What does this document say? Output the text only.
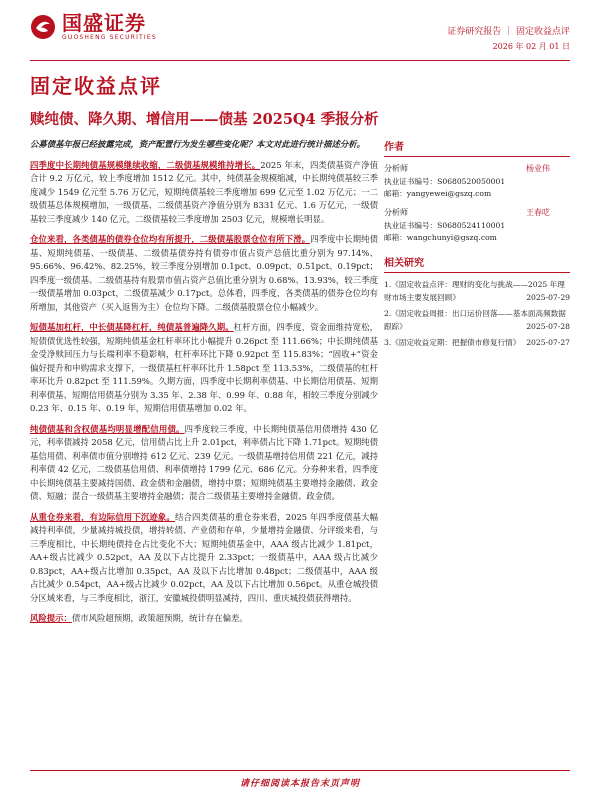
国盛证券
GUOSHENG SECURITIES
证券研究报告 ｜ 固定收益点评
2026 年 02 月 01 日
固定收益点评
赎纯债、降久期、增信用——债基 2025Q4 季报分析

公募债基年报已经披露完成，资产配置行为发生哪些变化呢？本文对此进行统计描述分析。

四季度中长期纯债基规模继续收缩，二级债基规模维持增长。2025 年末，四类债基资产净值合计 9.2 万亿元，较上季度增加 1512 亿元。其中，纯债基金规模缩减，中长期纯债基较三季度减少 1549 亿元至 5.76 万亿元，短期纯债基较三季度增加 699 亿元至 1.02 万亿元；一二级债基总体规模增加，一级债基、二级债基资产净值分别为 8331 亿元、1.6 万亿元，一级债基较三季度减少 140 亿元，二级债基较三季度增加 2503 亿元，规模增长明显。

仓位来看，各类债基的债券仓位均有所提升，二级债基股票仓位有所下滑。四季度中长期纯债基、短期纯债基、一级债基、二级债基债券持有债券市值占资产总值比重分别为 97.14%、95.66%、96.42%、82.25%，较三季度分别增加 0.1pct、0.09pct、0.51pct、0.19pct；四季度一级债基、二级债基持有股票市值占资产总值比重分别为 0.68%、13.93%，较三季度一级债基增加 0.03pct，二级债基减少 0.17pct。总体看，四季度，各类债基的债券仓位均有所增加，其他资产（买入返售为主）仓位均下降。二级债基股票仓位小幅减少。

短债基加杠杆，中长债基降杠杆，纯债基普遍降久期。杠杆方面，四季度，资金面维持宽松，短债债优选性较强，短期纯债基金杠杆率环比小幅提升 0.26pct 至 111.66%；中长期纯债基金受净赎回压力与长端利率不稳影响，杠杆率环比下降 0.92pct 至 115.83%；“固收+”资金偏好提升和申购需求支撑下，一级债基杠杆率环比升 1.58pct 至 113.53%，二级债基的杠杆率环比升 0.82pct 至 111.59%。久期方面，四季度中长期利率债基、中长期信用债基、短期利率债基、短期信用债基分别为 3.35 年、2.38 年、0.99 年、0.88 年，相较三季度分别减少 0.23 年、0.15 年、0.19 年，短期信用债基增加 0.02 年。

纯债债基和含权债基均明显增配信用债。四季度较三季度，中长期纯债基信用债增持 430 亿元，利率债减持 2058 亿元，信用债占比上升 2.01pct，利率债占比下降 1.71pct。短期纯债基信用债、利率债市值分别增持 612 亿元、239 亿元。一级债基增持信用债 221 亿元，减持利率债 42 亿元，二级债基信用债、利率债增持 1799 亿元、686 亿元。分券种来看，四季度中长期纯债基主要减持国债、政金债和金融债，增持中票；短期纯债基主要增持金融债、政金债、短融；混合一级债基主要增持金融债；混合二级债基主要增持金融债、政金债。

从重仓券来看，有边际信用下沉迹象。结合四类债基的重仓券来看，2025 年四季度债基大幅减持利率债，少量减持城投债，增持转债、产业债和存单，少量增持金融债、分评级来看，与三季度相比，中长期纯债持仓占比变化不大；短期纯债基金中，AAA 级占比减少 1.81pct，AA+级占比减少 0.52pct，AA 及以下占比提升 2.33pct；一级债基中，AAA 级占比减少 0.83pct，AA+级占比增加 0.35pct，AA 及以下占比增加 0.48pct；二级债基中，AAA 级占比减少 0.54pct，AA+级占比减少 0.02pct，AA 及以下占比增加 0.56pct。从重仓城投债分区域来看，与三季度相比，浙江，安徽城投债明显减持，四川、重庆城投债获得增持。

风险提示：债市风险超预期，政策超预期，统计存在偏差。

作者
分析师	杨业伟
执业证书编号：S0680520050001
邮箱：yangyewei@gszq.com
分析师	王春呓
执业证书编号：S0680524110001
邮箱：wangchunyi@gszq.com
相关研究
1.《固定收益点评：理财的变化与挑战——2025 年理财市场主要发展回顾》	2025-07-29
2.《固定收益周报：出口运价回落——基本面高频数据跟踪》	2025-07-28
3.《固定收益定期：把握债市修复行情》 2025-07-27
请仔细阅读本报告末页声明
